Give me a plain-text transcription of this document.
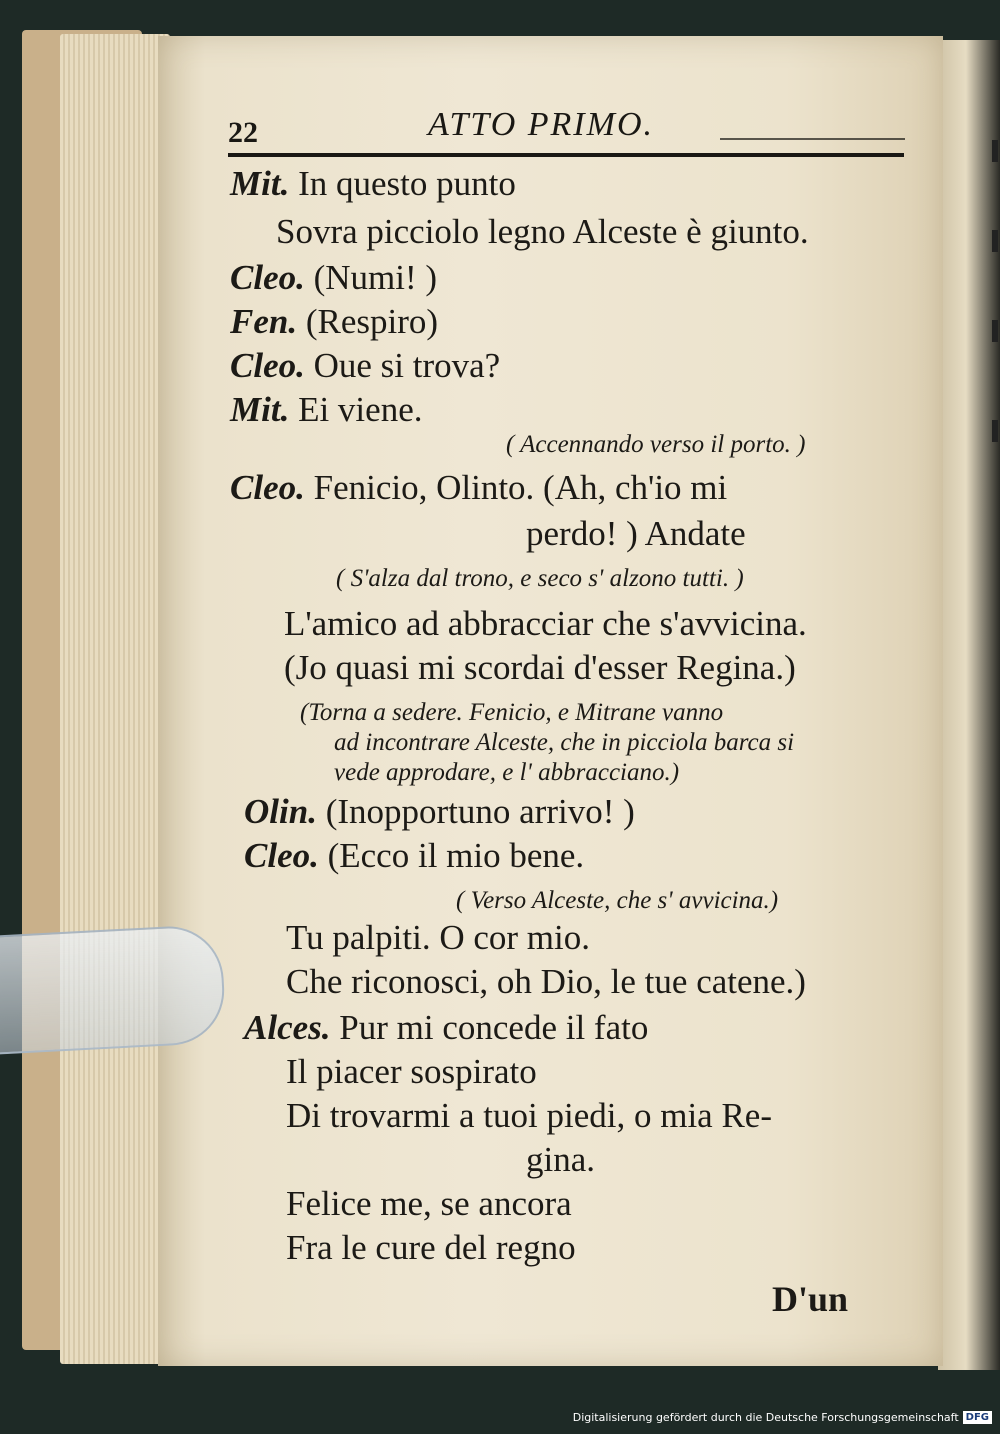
22	ATTO PRIMO.
Mit. In questo punto
Sovra picciolo legno Alceste è giunto.
Cleo. (Numi! )
Fen. (Respiro)
Cleo. Oue si trova?
Mit. Ei viene.
( Accennando verso il porto. )
Cleo. Fenicio, Olinto. (Ah, ch'io mi
perdo! ) Andate
( S'alza dal trono, e seco s' alzono tutti. )
L'amico ad abbracciar che s'avvicina.
(Jo quasi mi scordai d'esser Regina.)
(Torna a sedere. Fenicio, e Mitrane vanno
ad incontrare Alceste, che in picciola barca si
vede approdare, e l' abbracciano.)
Olin. (Inopportuno arrivo! )
Cleo. (Ecco il mio bene.
( Verso Alceste, che s' avvicina.)
Tu palpiti. O cor mio.
Che riconosci, oh Dio, le tue catene.)
Alces. Pur mi concede il fato
Il piacer sospirato
Di trovarmi a tuoi piedi, o mia Re-
gina.
Felice me, se ancora
Fra le cure del regno
D'un
Digitalisierung gefördert durch die Deutsche Forschungsgemeinschaft DFG
